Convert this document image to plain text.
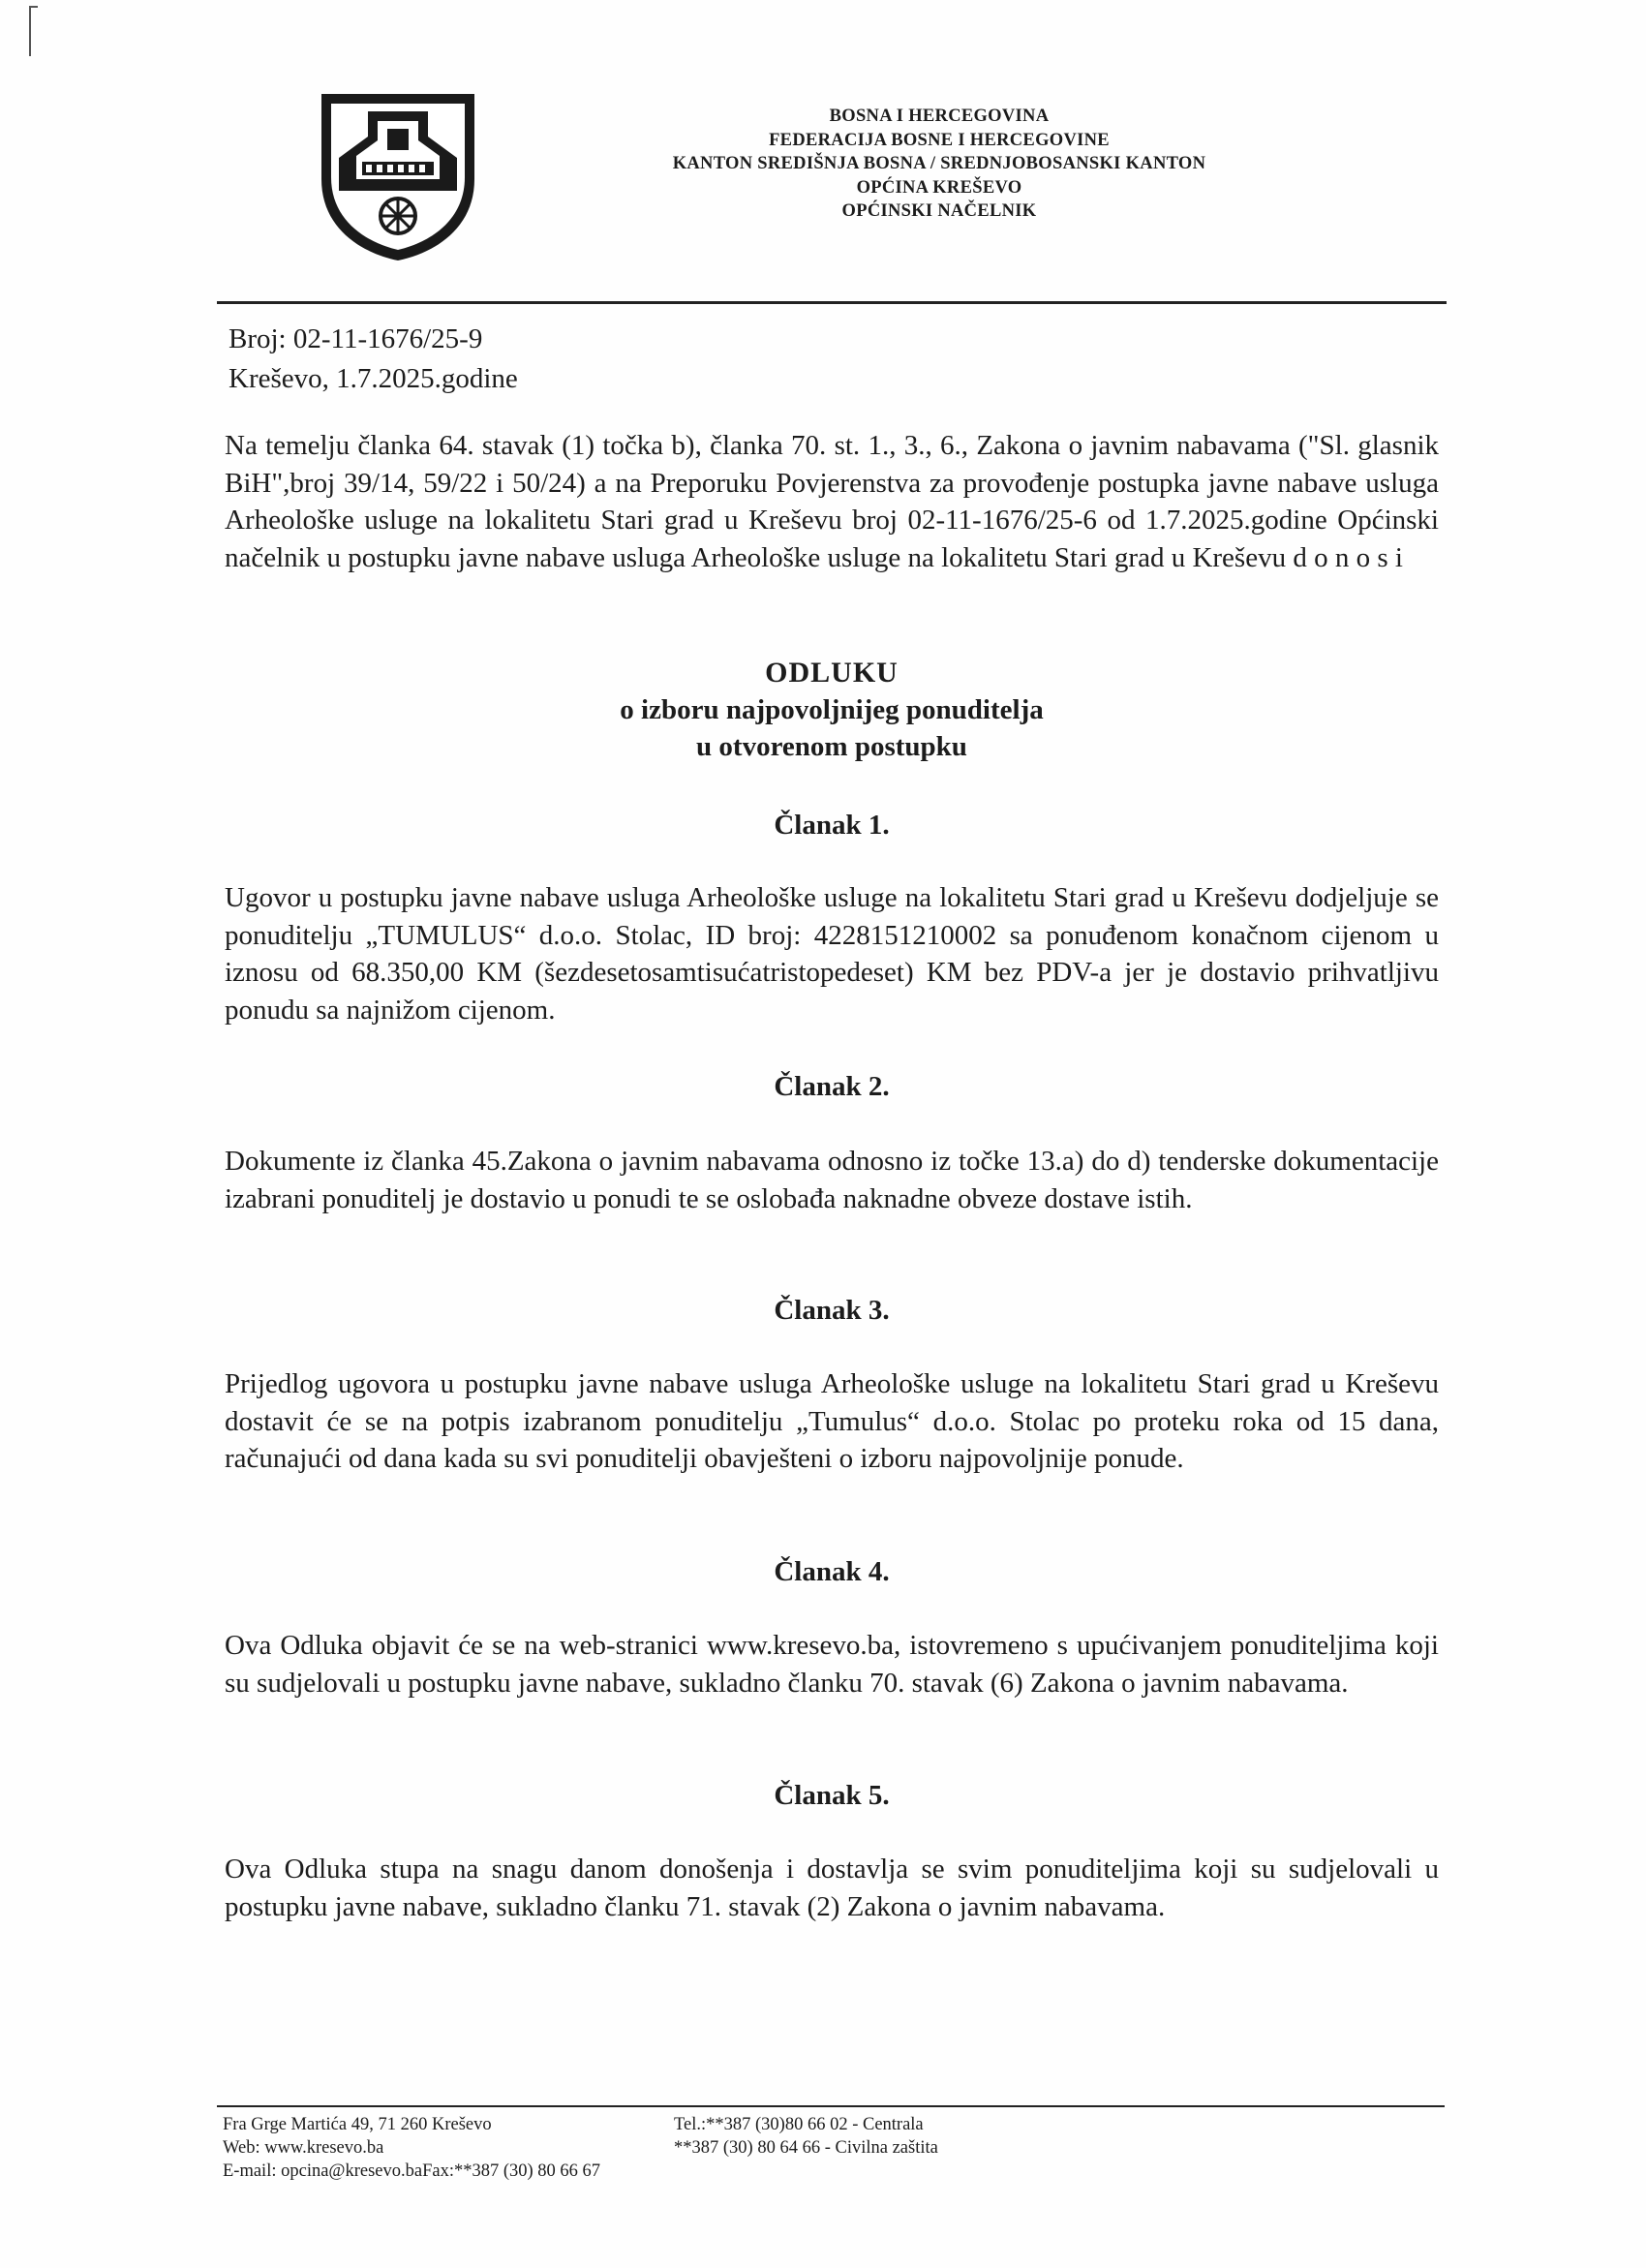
BOSNA I HERCEGOVINA
FEDERACIJA BOSNE I HERCEGOVINE
KANTON SREDIŠNJA BOSNA / SREDNJOBOSANSKI KANTON
OPĆINA KREŠEVO
OPĆINSKI NAČELNIK
Broj: 02-11-1676/25-9
Kreševo, 1.7.2025.godine
Na temelju članka 64. stavak (1) točka b), članka 70. st. 1., 3., 6., Zakona o javnim nabavama ("Sl. glasnik BiH",broj 39/14, 59/22 i 50/24) a na Preporuku Povjerenstva za provođenje postupka javne nabave usluga Arheološke usluge na lokalitetu Stari grad u Kreševu broj 02-11-1676/25-6 od 1.7.2025.godine Općinski načelnik u postupku javne nabave usluga Arheološke usluge na lokalitetu Stari grad u Kreševu d o n o s i
ODLUKU
o izboru najpovoljnijeg ponuditelja
u otvorenom postupku
Članak 1.
Ugovor u postupku javne nabave usluga Arheološke usluge na lokalitetu Stari grad u Kreševu dodjeljuje se ponuditelju „TUMULUS“ d.o.o. Stolac, ID broj: 4228151210002 sa ponuđenom konačnom cijenom u iznosu od 68.350,00 KM (šezdesetosamtisućatristopedeset) KM bez PDV-a jer je dostavio prihvatljivu ponudu sa najnižom cijenom.
Članak 2.
Dokumente iz članka 45.Zakona o javnim nabavama odnosno iz točke 13.a) do d) tenderske dokumentacije izabrani ponuditelj je dostavio u ponudi te se oslobađa naknadne obveze dostave istih.
Članak 3.
Prijedlog ugovora u postupku javne nabave usluga Arheološke usluge na lokalitetu Stari grad u Kreševu dostavit će se na potpis izabranom ponuditelju „Tumulus“ d.o.o. Stolac po proteku roka od 15 dana, računajući od dana kada su svi ponuditelji obavješteni o izboru najpovoljnije ponude.
Članak 4.
Ova Odluka objavit će se na web-stranici www.kresevo.ba, istovremeno s upućivanjem ponuditeljima koji su sudjelovali u postupku javne nabave, sukladno članku 70. stavak (6) Zakona o javnim nabavama.
Članak 5.
Ova Odluka stupa na snagu danom donošenja i dostavlja se svim ponuditeljima koji su sudjelovali u postupku javne nabave, sukladno članku 71. stavak (2) Zakona o javnim nabavama.
Fra Grge Martića 49, 71 260 Kreševo
Web: www.kresevo.ba
E-mail: opcina@kresevo.baFax:**387 (30) 80 66 67
Tel.:**387 (30)80 66 02 - Centrala
**387 (30) 80 64 66 - Civilna zaštita
